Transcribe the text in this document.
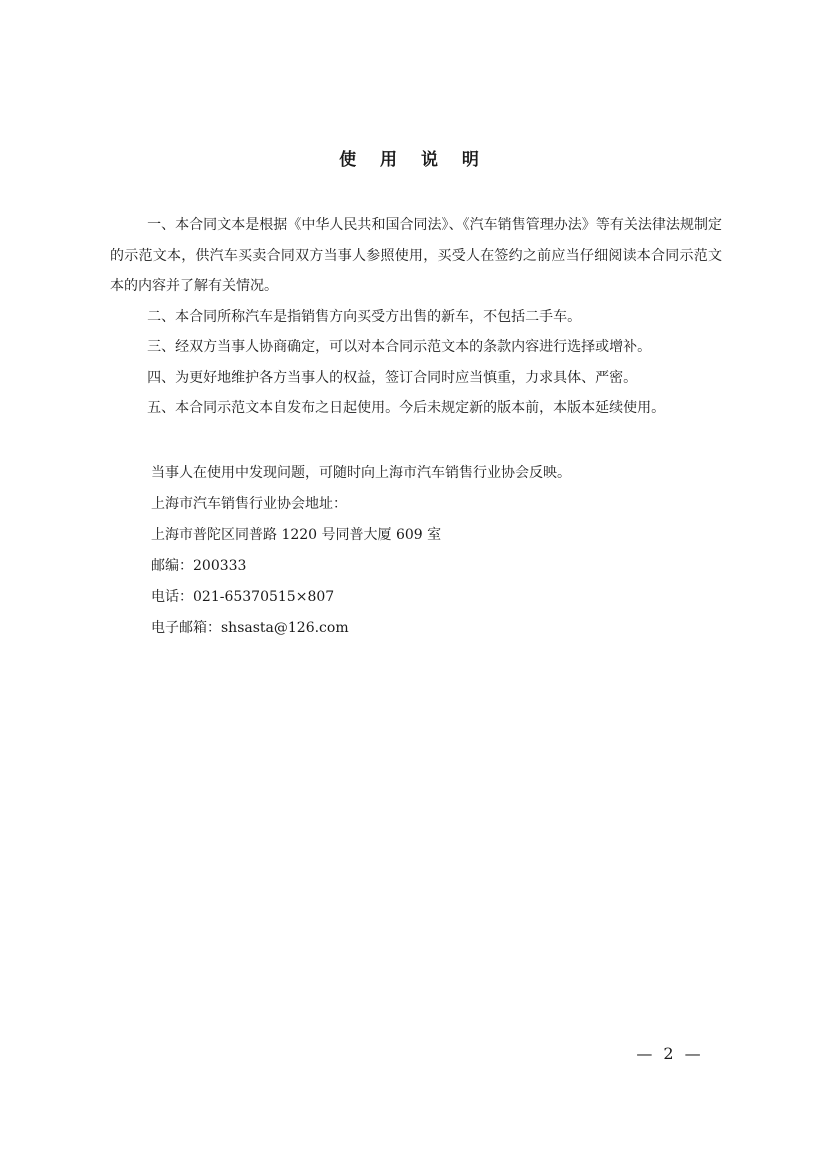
使 用 说 明

一、本合同文本是根据《中华人民共和国合同法》、《汽车销售管理办法》等有关法律法规制定的示范文本，供汽车买卖合同双方当事人参照使用，买受人在签约之前应当仔细阅读本合同示范文本的内容并了解有关情况。

二、本合同所称汽车是指销售方向买受方出售的新车，不包括二手车。

三、经双方当事人协商确定，可以对本合同示范文本的条款内容进行选择或增补。

四、为更好地维护各方当事人的权益，签订合同时应当慎重，力求具体、严密。

五、本合同示范文本自发布之日起使用。今后未规定新的版本前，本版本延续使用。

当事人在使用中发现问题，可随时向上海市汽车销售行业协会反映。

上海市汽车销售行业协会地址：

上海市普陀区同普路 1220 号同普大厦 609 室

邮编：200333

电话：021-65370515×807

电子邮箱：shsasta@126.com

— 2 —
